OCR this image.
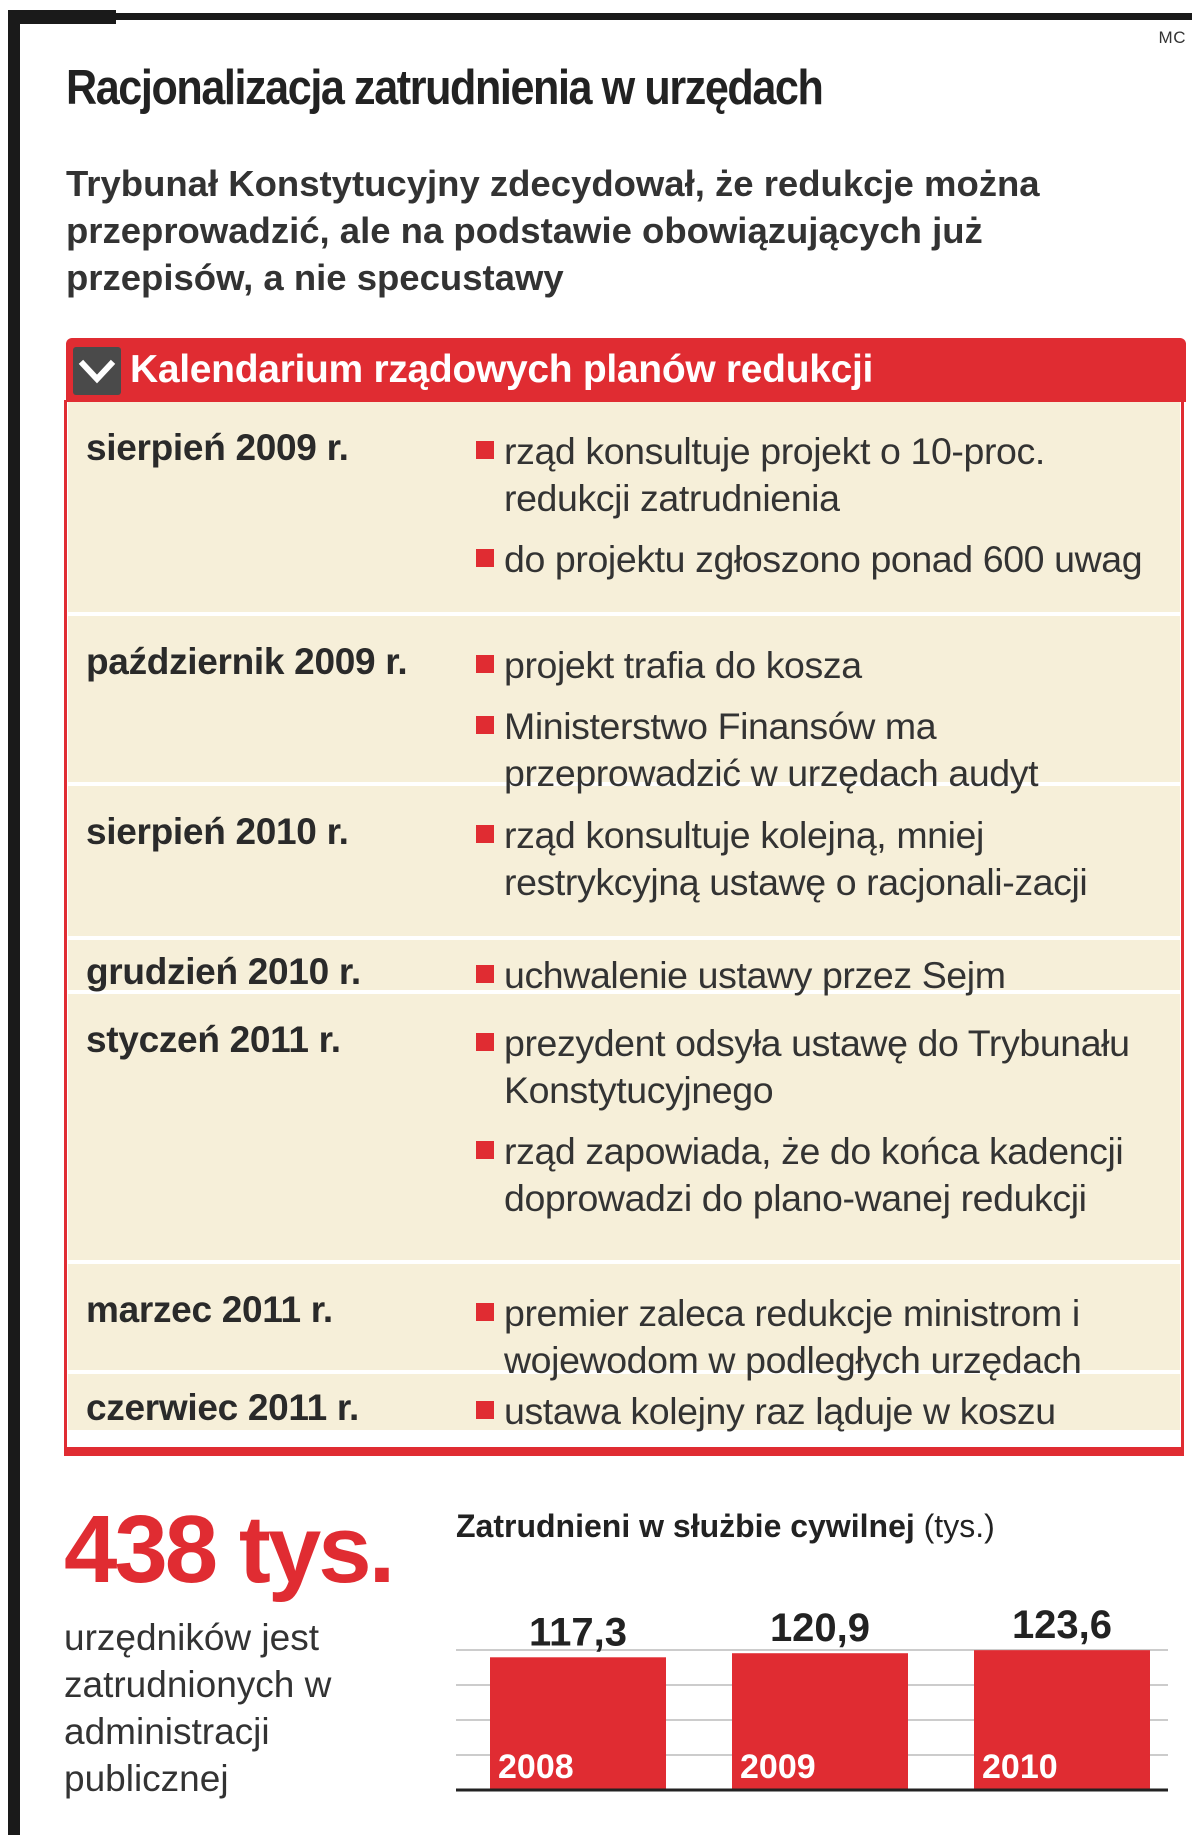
MC
Racjonalizacja zatrudnienia w urzędach
Trybunał Konstytucyjny zdecydował, że redukcje można przeprowadzić, ale na podstawie obowiązujących już przepisów, a nie specustawy
Kalendarium rządowych planów redukcji
sierpień 2009 r.	rząd konsultuje projekt o 10-proc. redukcji zatrudnienia
do projektu zgłoszono ponad 600 uwag
październik 2009 r.	projekt trafia do kosza
Ministerstwo Finansów ma przeprowadzić w urzędach audyt
sierpień 2010 r.	rząd konsultuje kolejną, mniej restrykcyjną ustawę o racjonali-zacji
grudzień 2010 r.	uchwalenie ustawy przez Sejm
styczeń 2011 r.	prezydent odsyła ustawę do Trybunału Konstytucyjnego
rząd zapowiada, że do końca kadencji doprowadzi do plano-wanej redukcji
marzec 2011 r.	premier zaleca redukcje ministrom i wojewodom w podległych urzędach
czerwiec 2011 r.	ustawa kolejny raz ląduje w koszu
438 tys.
urzędników jest zatrudnionych w administracji publicznej
Zatrudnieni w służbie cywilnej (tys.)
117,3
2008
120,9
2009
123,6
2010
